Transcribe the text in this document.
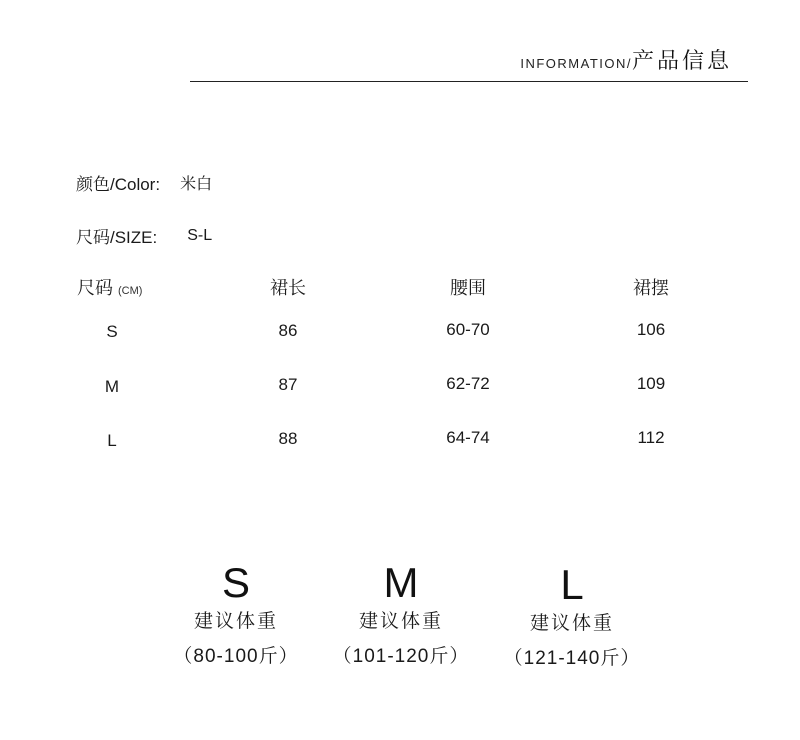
INFORMATION/ 产品信息
颜色/Color: 米白
尺码/SIZE: S-L
尺码 (CM)	裙长	腰围	裙摆
S	86	60-70	106
M	87	62-72	109
L	88	64-74	112
S
建议体重
（80-100斤）
M
建议体重
（101-120斤）
L
建议体重
（121-140斤）
